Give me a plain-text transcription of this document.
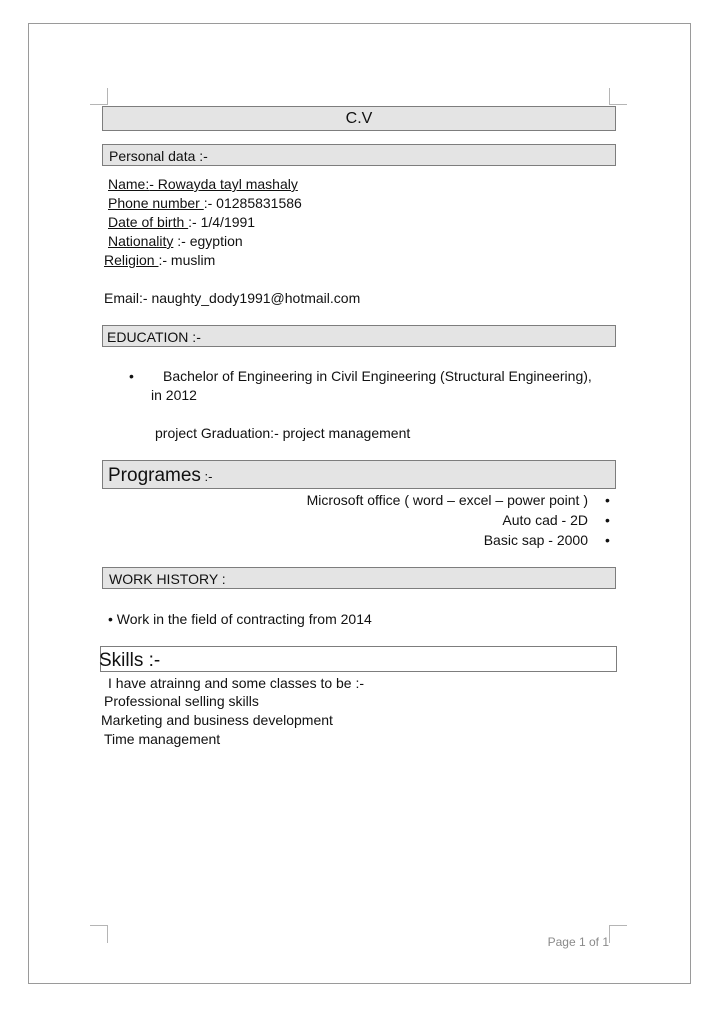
C.V
Personal data :-
Name:- Rowayda tayl mashaly
Phone number :- 01285831586
Date of birth :- 1/4/1991
Nationality :- egyption
Religion :- muslim
Email:- naughty_dody1991@hotmail.com
EDUCATION :-
• Bachelor of Engineering in Civil Engineering (Structural Engineering),
in 2012
project Graduation:- project management
Programes :-
Microsoft office ( word – excel – power point ) •
Auto cad - 2D •
Basic sap - 2000 •
WORK HISTORY :
• Work in the field of contracting from 2014
Skills :-
I have atrainng and some classes to be :-
Professional selling skills
Marketing and business development
Time management
Page 1 of 1
